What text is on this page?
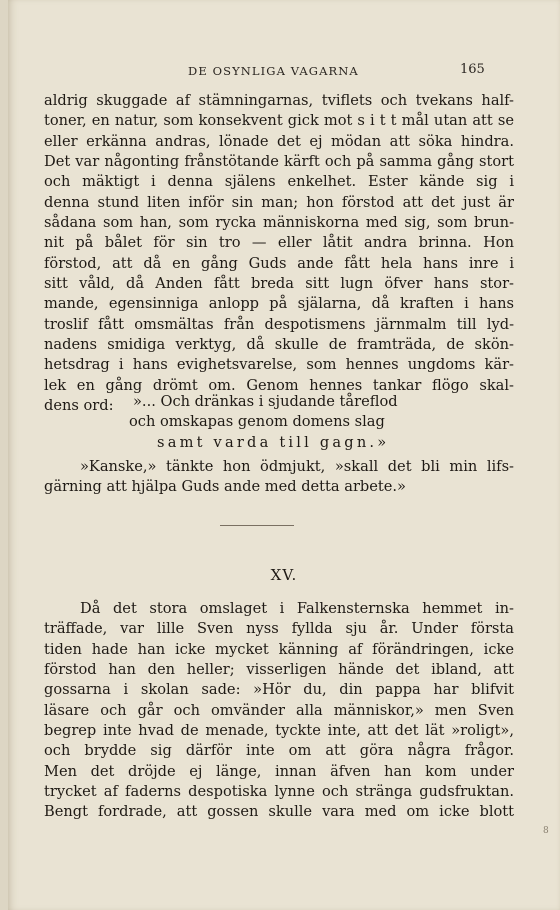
DE OSYNLIGA VAGARNA	165
aldrig skuggade af stämningarnas, tviflets och tvekans half-
toner, en natur, som konsekvent gick mot s i t t mål utan att se
eller erkänna andras, lönade det ej mödan att söka hindra.
Det var någonting frånstötande kärft och på samma gång stort
och mäktigt i denna själens enkelhet. Ester kände sig i
denna stund liten inför sin man; hon förstod att det just är
sådana som han, som rycka människorna med sig, som brun-
nit på bålet för sin tro — eller låtit andra brinna. Hon
förstod, att då en gång Guds ande fått hela hans inre i
sitt våld, då Anden fått breda sitt lugn öfver hans stor-
mande, egensinniga anlopp på själarna, då kraften i hans
troslif fått omsmältas från despotismens järnmalm till lyd-
nadens smidiga verktyg, då skulle de framträda, de skön-
hetsdrag i hans evighetsvarelse, som hennes ungdoms kär-
lek en gång drömt om. Genom hennes tankar flögo skal-
dens ord:	»... Och dränkas i sjudande tåreflod
och omskapas genom domens slag
samt varda till gagn.»
»Kanske,» tänkte hon ödmjukt, »skall det bli min lifs-
gärning att hjälpa Guds ande med detta arbete.»
XV.
Då det stora omslaget i Falkensternska hemmet in-
träffade, var lille Sven nyss fyllda sju år. Under första
tiden hade han icke mycket känning af förändringen, icke
förstod han den heller; visserligen hände det ibland, att
gossarna i skolan sade: »Hör du, din pappa har blifvit
läsare och går och omvänder alla människor,» men Sven
begrep inte hvad de menade, tyckte inte, att det lät »roligt»,
och brydde sig därför inte om att göra några frågor.
Men det dröjde ej länge, innan äfven han kom under
trycket af faderns despotiska lynne och stränga gudsfruktan.
Bengt fordrade, att gossen skulle vara med om icke blott
8
